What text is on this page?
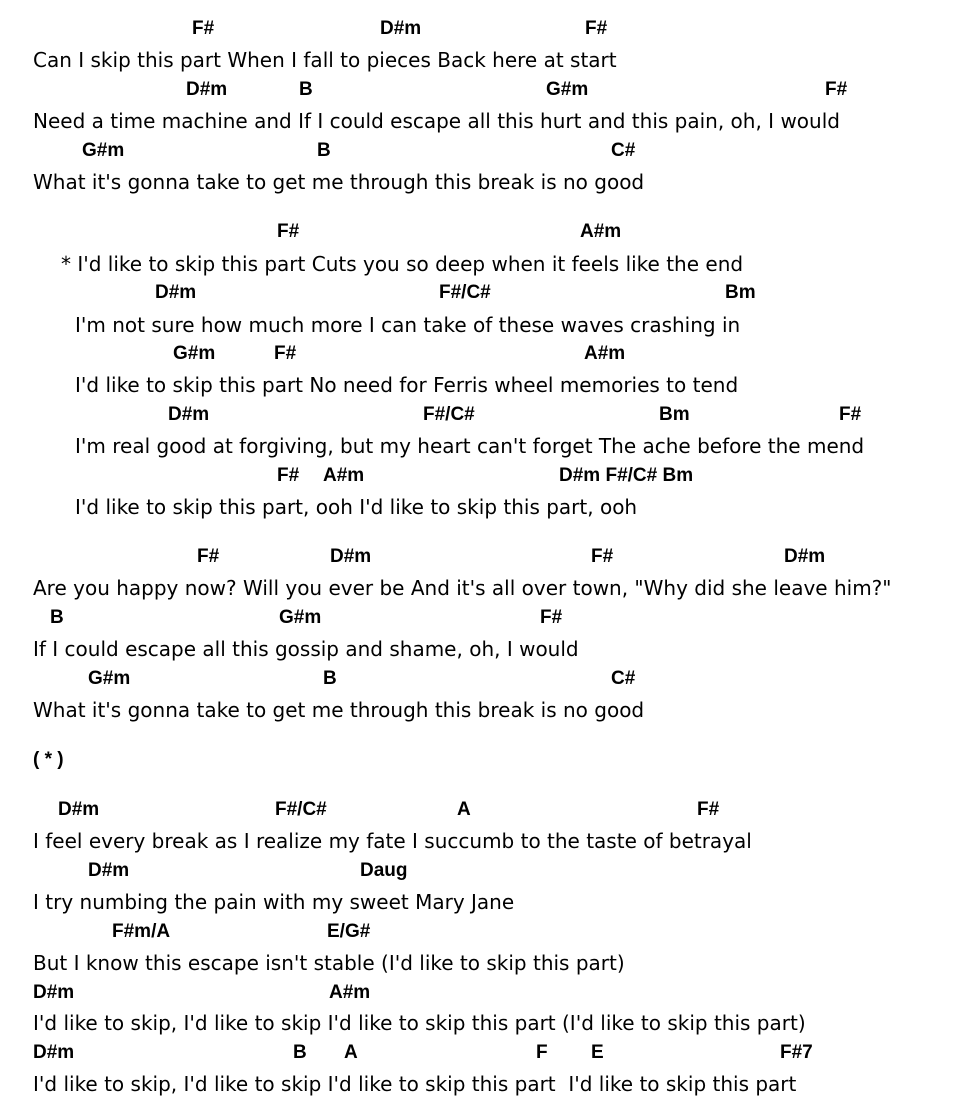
F#	D#m	F#
Can I skip this part When I fall to pieces Back here at start
D#m	B	G#m	F#
Need a time machine and If I could escape all this hurt and this pain, oh, I would
G#m	B	C#
What it's gonna take to get me through this break is no good
F#	A#m
* I'd like to skip this part Cuts you so deep when it feels like the end
D#m	F#/C#	Bm
I'm not sure how much more I can take of these waves crashing in
G#m	F#	A#m
I'd like to skip this part No need for Ferris wheel memories to tend
D#m	F#/C#	Bm	F#
I'm real good at forgiving, but my heart can't forget The ache before the mend
F# A#m	D#m F#/C# Bm
I'd like to skip this part, ooh I'd like to skip this part, ooh
F#	D#m	F#	D#m
Are you happy now? Will you ever be And it's all over town, "Why did she leave him?"
B	G#m	F#
If I could escape all this gossip and shame, oh, I would
G#m	B	C#
What it's gonna take to get me through this break is no good
( * )
D#m	F#/C#	A	F#
I feel every break as I realize my fate I succumb to the taste of betrayal
D#m	Daug
I try numbing the pain with my sweet Mary Jane
F#m/A	E/G#
But I know this escape isn't stable (I'd like to skip this part)
D#m	A#m
I'd like to skip, I'd like to skip I'd like to skip this part (I'd like to skip this part)
D#m	B A	F E	F#7
I'd like to skip, I'd like to skip I'd like to skip this part  I'd like to skip this part
